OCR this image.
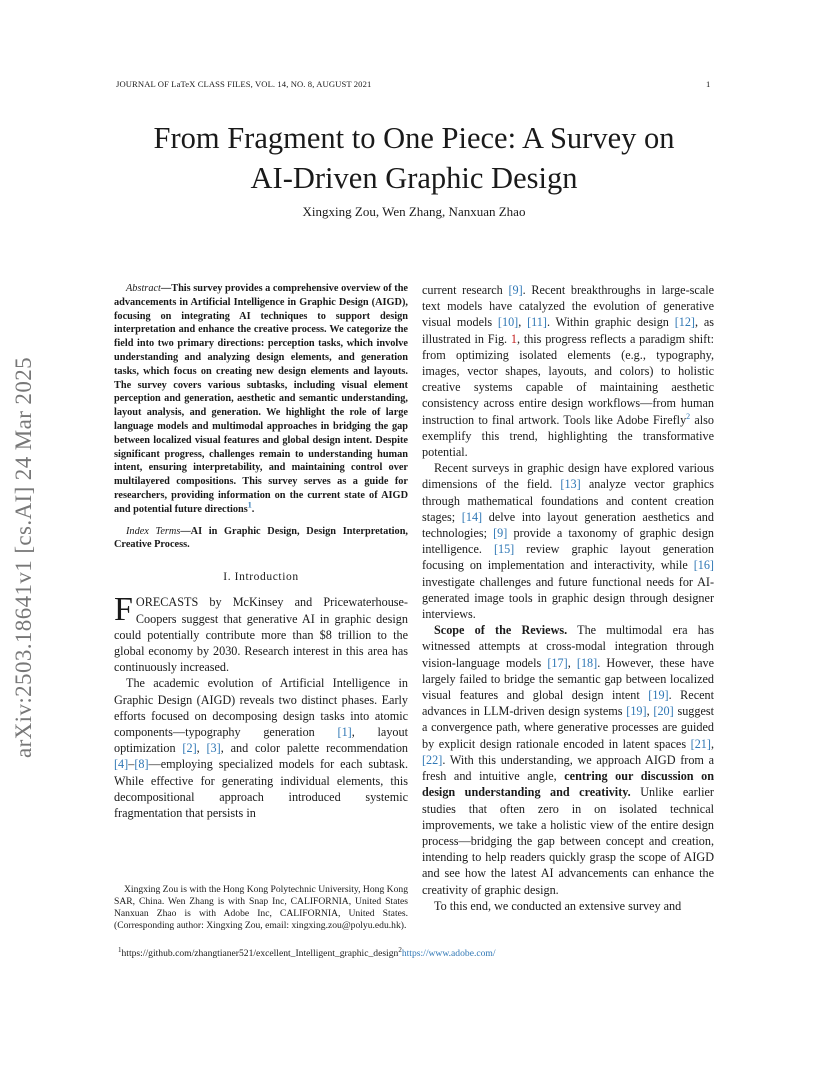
JOURNAL OF LaTeX CLASS FILES, VOL. 14, NO. 8, AUGUST 2021	1
arXiv:2503.18641v1 [cs.AI] 24 Mar 2025
From Fragment to One Piece: A Survey on
AI-Driven Graphic Design
Xingxing Zou, Wen Zhang, Nanxuan Zhao

Abstract—This survey provides a comprehensive overview of the advancements in Artificial Intelligence in Graphic Design (AIGD), focusing on integrating AI techniques to support design interpretation and enhance the creative process. We categorize the field into two primary directions: perception tasks, which involve understanding and analyzing design elements, and generation tasks, which focus on creating new design elements and layouts. The survey covers various subtasks, including visual element perception and generation, aesthetic and semantic understanding, layout analysis, and generation. We highlight the role of large language models and multimodal approaches in bridging the gap between localized visual features and global design intent. Despite significant progress, challenges remain to understanding human intent, ensuring interpretability, and maintaining control over multilayered compositions. This survey serves as a guide for researchers, providing information on the current state of AIGD and potential future directions$^1$.

Index Terms—AI in Graphic Design, Design Interpretation, Creative Process.

I. Introduction

FORECASTS by McKinsey and Pricewaterhouse-Coopers suggest that generative AI in graphic design could potentially contribute more than $8 trillion to the global economy by 2030. Research interest in this area has continuously increased.

The academic evolution of Artificial Intelligence in Graphic Design (AIGD) reveals two distinct phases. Early efforts focused on decomposing design tasks into atomic components—typography generation [1], layout optimization [2], [3], and color palette recommendation [4]–[8]—employing specialized models for each subtask. While effective for generating individual elements, this decompositional approach introduced systemic fragmentation that persists in

current research [9]. Recent breakthroughs in large-scale text models have catalyzed the evolution of generative visual models [10], [11]. Within graphic design [12], as illustrated in Fig. 1, this progress reflects a paradigm shift: from optimizing isolated elements (e.g., typography, images, vector shapes, layouts, and colors) to holistic creative systems capable of maintaining aesthetic consistency across entire design workflows—from human instruction to final artwork. Tools like Adobe Firefly$^2$ also exemplify this trend, highlighting the transformative potential.

Recent surveys in graphic design have explored various dimensions of the field. [13] analyze vector graphics through mathematical foundations and content creation stages; [14] delve into layout generation aesthetics and technologies; [9] provide a taxonomy of graphic design intelligence. [15] review graphic layout generation focusing on implementation and interactivity, while [16] investigate challenges and future functional needs for AI-generated image tools in graphic design through designer interviews.

Scope of the Reviews. The multimodal era has witnessed attempts at cross-modal integration through vision-language models [17], [18]. However, these have largely failed to bridge the semantic gap between localized visual features and global design intent [19]. Recent advances in LLM-driven design systems [19], [20] suggest a convergence path, where generative processes are guided by explicit design rationale encoded in latent spaces [21], [22]. With this understanding, we approach AIGD from a fresh and intuitive angle, centring our discussion on design understanding and creativity. Unlike earlier studies that often zero in on isolated technical improvements, we take a holistic view of the entire design process—bridging the gap between concept and creation, intending to help readers quickly grasp the scope of AIGD and see how the latest AI advancements can enhance the creativity of graphic design.

To this end, we conducted an extensive survey and

Xingxing Zou is with the Hong Kong Polytechnic University, Hong Kong SAR, China. Wen Zhang is with Snap Inc, CALIFORNIA, United States Nanxuan Zhao is with Adobe Inc, CALIFORNIA, United States. (Corresponding author: Xingxing Zou, email: xingxing.zou@polyu.edu.hk).

$^1$https://github.com/zhangtianer521/excellent_Intelligent_graphic_design$^2$https://www.adobe.com/
